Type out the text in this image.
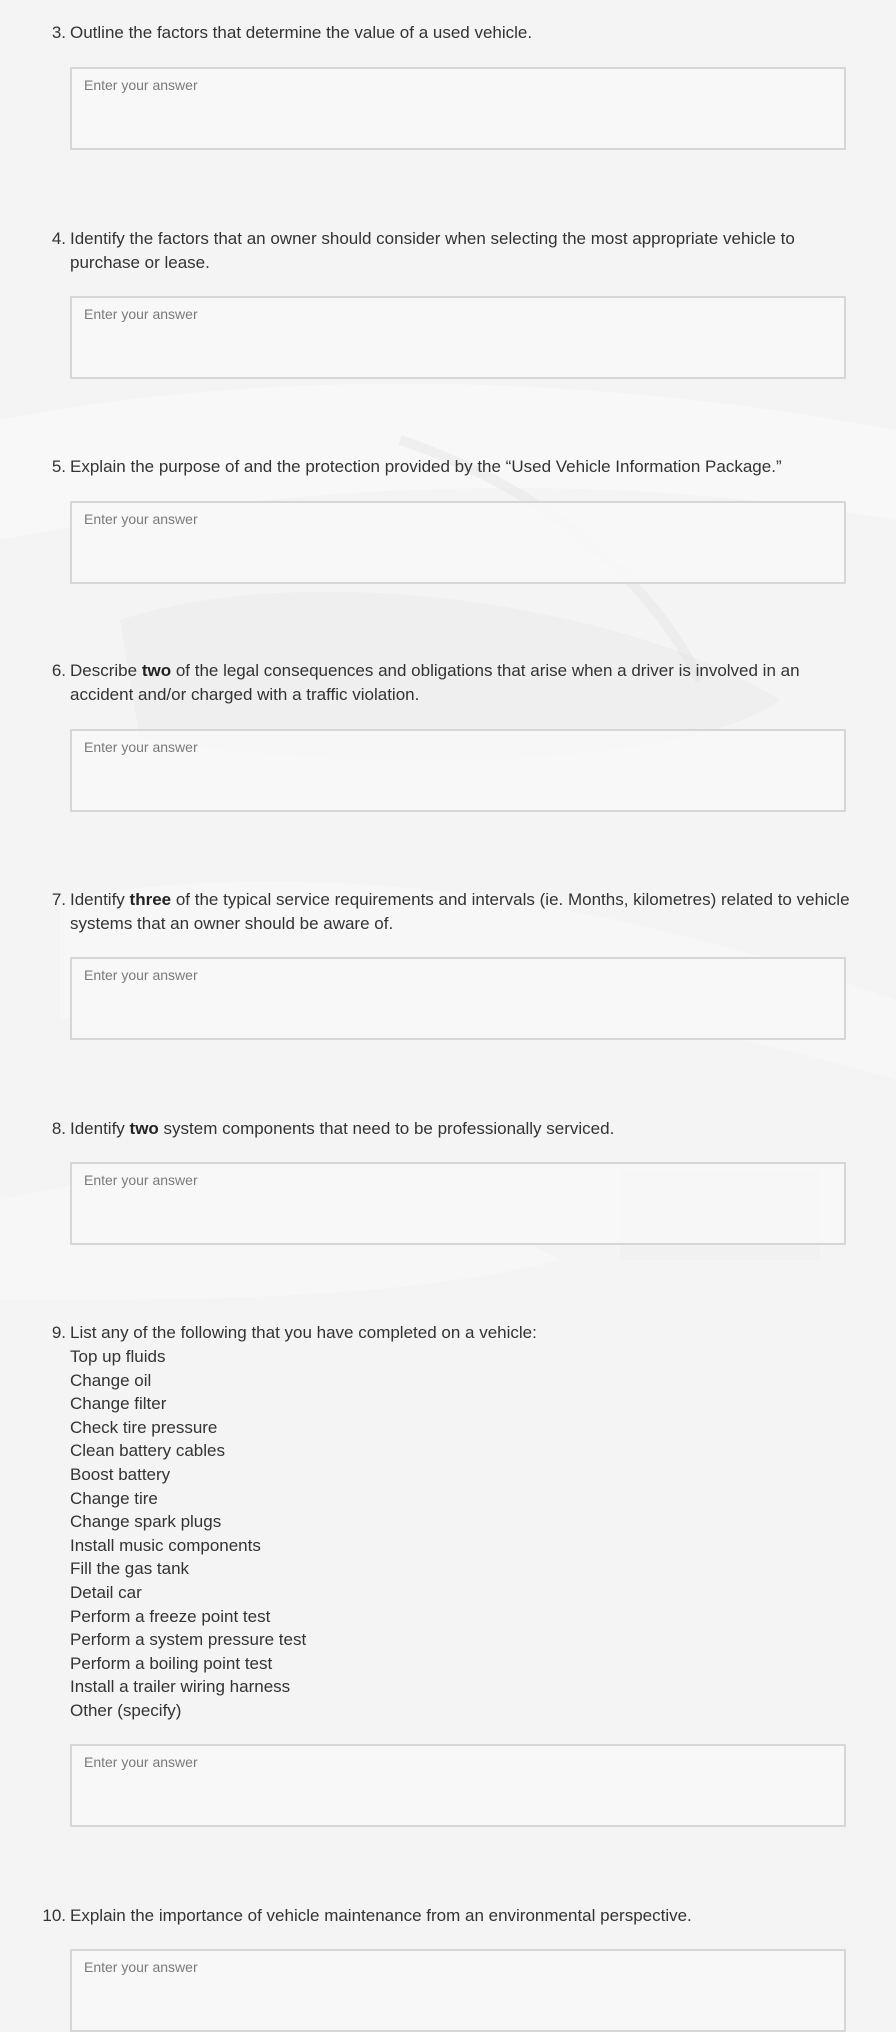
3. Outline the factors that determine the value of a used vehicle.
Enter your answer
4. Identify the factors that an owner should consider when selecting the most appropriate vehicle to purchase or lease.
Enter your answer
5. Explain the purpose of and the protection provided by the “Used Vehicle Information Package.”
Enter your answer
6. Describe two of the legal consequences and obligations that arise when a driver is involved in an accident and/or charged with a traffic violation.
Enter your answer
7. Identify three of the typical service requirements and intervals (ie. Months, kilometres) related to vehicle systems that an owner should be aware of.
Enter your answer
8. Identify two system components that need to be professionally serviced.
Enter your answer
9. List any of the following that you have completed on a vehicle:
Top up fluids
Change oil
Change filter
Check tire pressure
Clean battery cables
Boost battery
Change tire
Change spark plugs
Install music components
Fill the gas tank
Detail car
Perform a freeze point test
Perform a system pressure test
Perform a boiling point test
Install a trailer wiring harness
Other (specify)
Enter your answer
10. Explain the importance of vehicle maintenance from an environmental perspective.
Enter your answer
